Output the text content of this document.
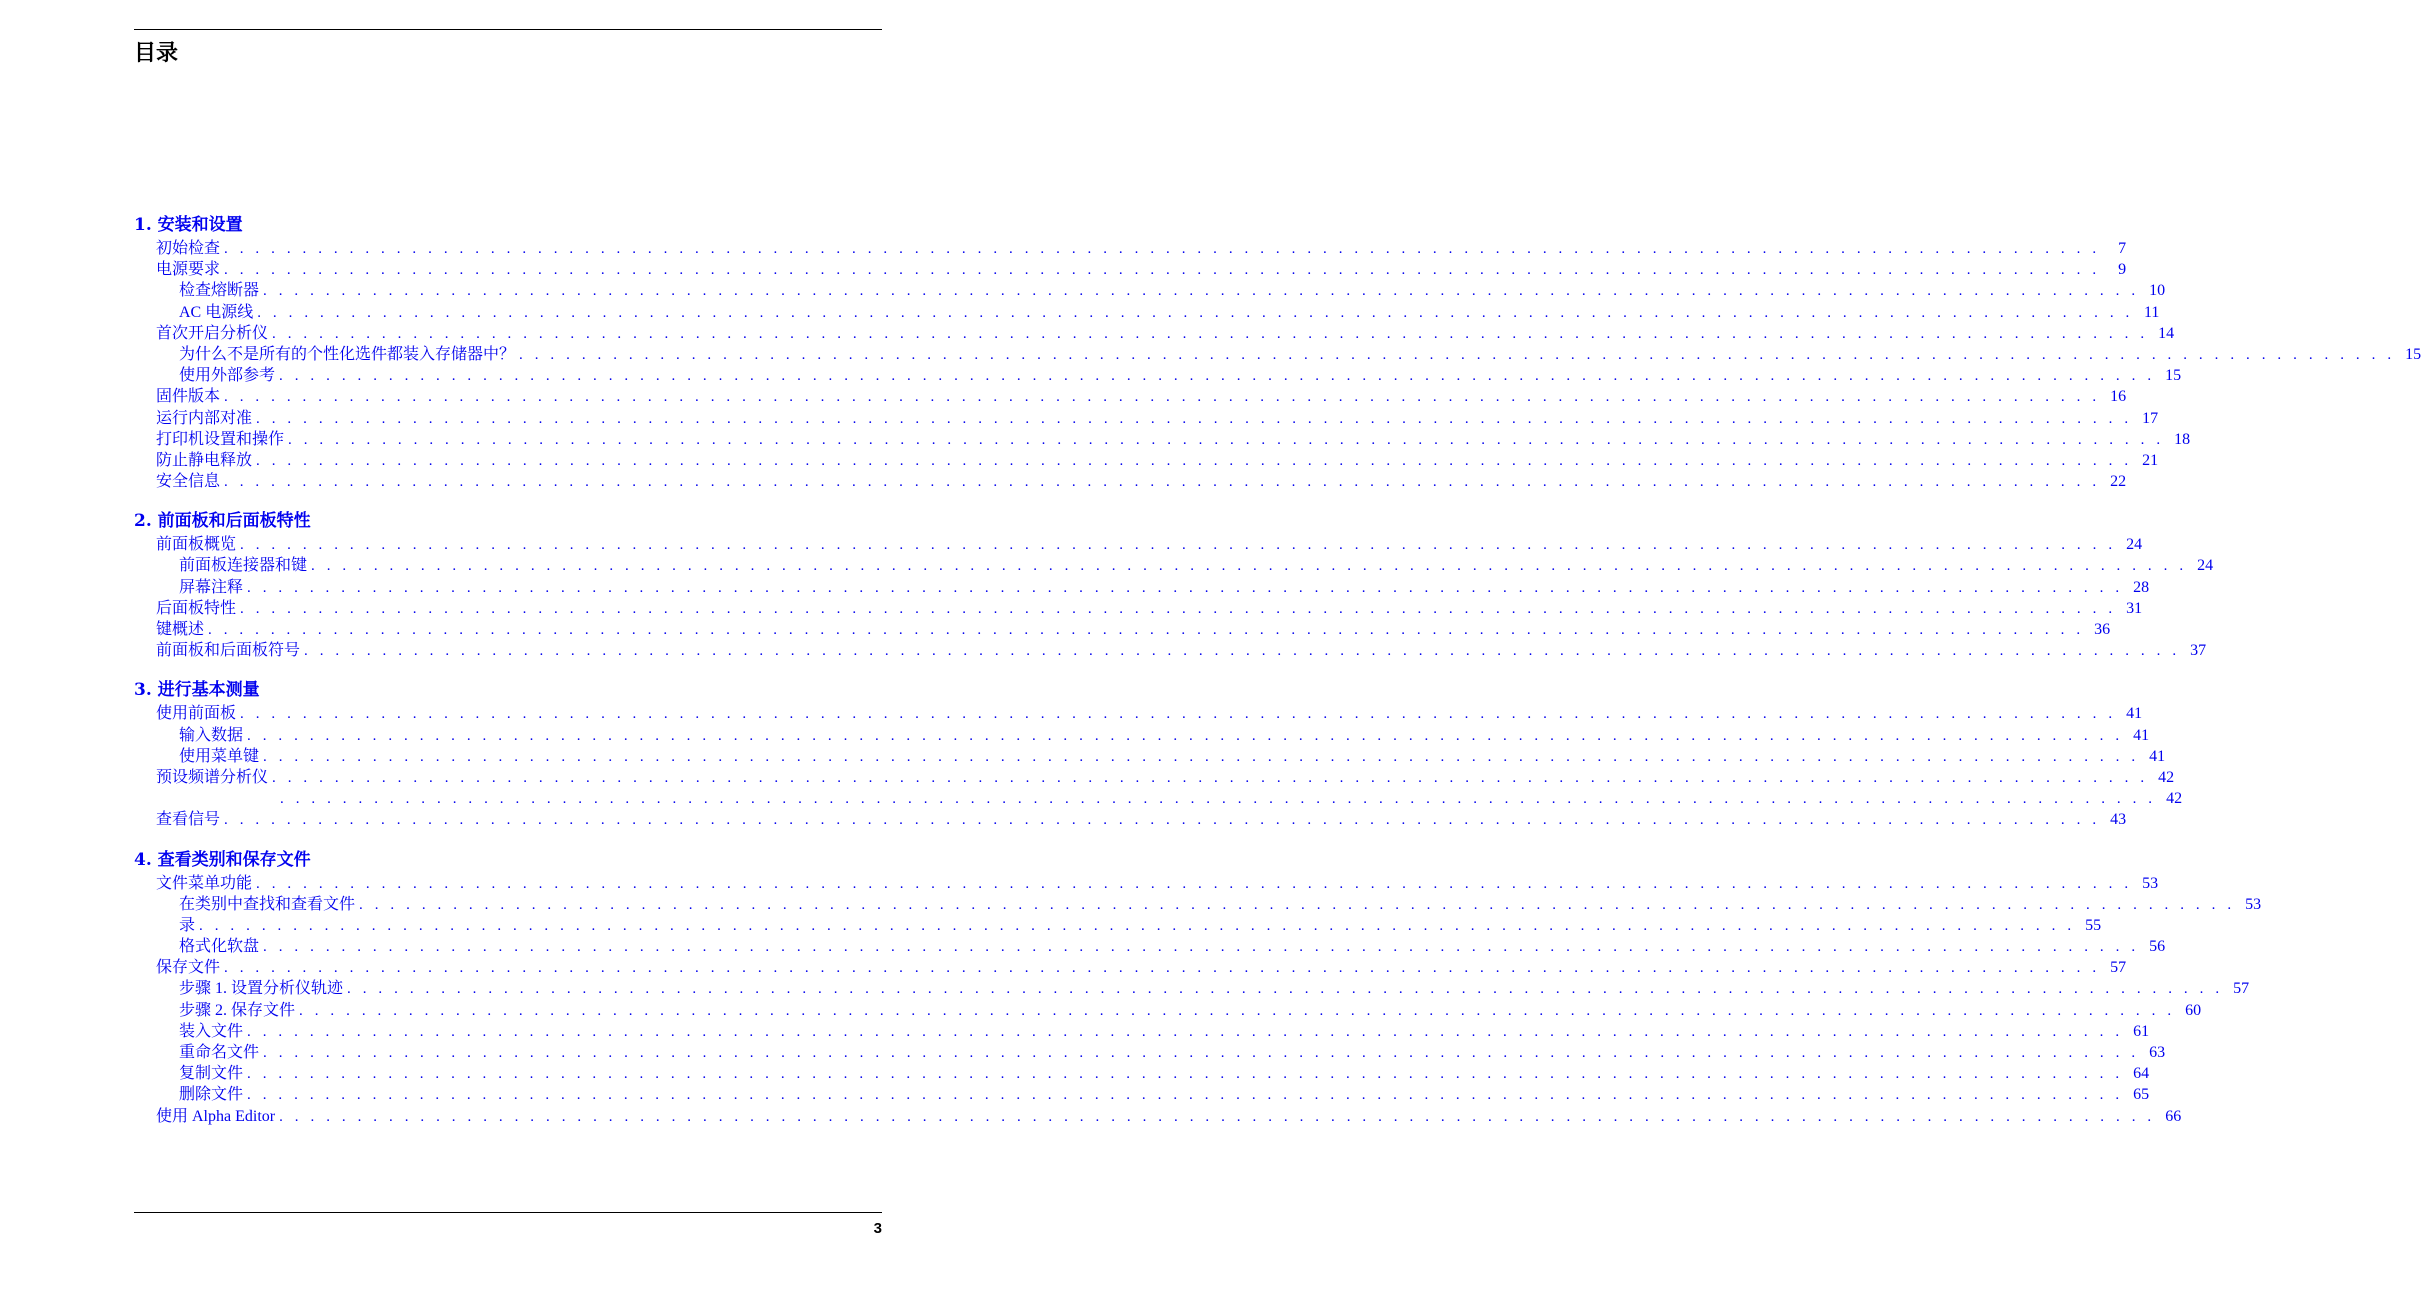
目录
1. 安装和设置
初始检查 . . . . . . . . . . . . . . . . . . . . . . . . . . . . . . . . . . . . . . . . . . . . . . . . . . . . . . . . . . . . . . . . . . . . . . . . . . . . . . . . . . . . . . . . . . . . . . . . . . . . . . . . . . . . . . . . . . . . . . . .	7
电源要求 . . . . . . . . . . . . . . . . . . . . . . . . . . . . . . . . . . . . . . . . . . . . . . . . . . . . . . . . . . . . . . . . . . . . . . . . . . . . . . . . . . . . . . . . . . . . . . . . . . . . . . . . . . . . . . . . . . . . . . . .	9
检查熔断器 . . . . . . . . . . . . . . . . . . . . . . . . . . . . . . . . . . . . . . . . . . . . . . . . . . . . . . . . . . . . . . . . . . . . . . . . . . . . . . . . . . . . . . . . . . . . . . . . . . . . . . . . . . . . . . . . . . . . . . . . 10
AC 电源线 . . . . . . . . . . . . . . . . . . . . . . . . . . . . . . . . . . . . . . . . . . . . . . . . . . . . . . . . . . . . . . . . . . . . . . . . . . . . . . . . . . . . . . . . . . . . . . . . . . . . . . . . . . . . . . . . . . . . . . . . 11
首次开启分析仪 . . . . . . . . . . . . . . . . . . . . . . . . . . . . . . . . . . . . . . . . . . . . . . . . . . . . . . . . . . . . . . . . . . . . . . . . . . . . . . . . . . . . . . . . . . . . . . . . . . . . . . . . . . . . . . . . . . . . . . . . 14
为什么不是所有的个性化选件都装入存储器中？ . . . . . . . . . . . . . . . . . . . . . . . . . . . . . . . . . . . . . . . . . . . . . . . . . . . . . . . . . . . . . . . . . . . . . . . . . . . . . . . . . . . . . . . . . . . . . . . . . . . . . . . . . . . . . . . . . . . . . . . . 15
使用外部参考 . . . . . . . . . . . . . . . . . . . . . . . . . . . . . . . . . . . . . . . . . . . . . . . . . . . . . . . . . . . . . . . . . . . . . . . . . . . . . . . . . . . . . . . . . . . . . . . . . . . . . . . . . . . . . . . . . . . . . . . . 15
固件版本 . . . . . . . . . . . . . . . . . . . . . . . . . . . . . . . . . . . . . . . . . . . . . . . . . . . . . . . . . . . . . . . . . . . . . . . . . . . . . . . . . . . . . . . . . . . . . . . . . . . . . . . . . . . . . . . . . . . . . . . . 16
运行内部对准 . . . . . . . . . . . . . . . . . . . . . . . . . . . . . . . . . . . . . . . . . . . . . . . . . . . . . . . . . . . . . . . . . . . . . . . . . . . . . . . . . . . . . . . . . . . . . . . . . . . . . . . . . . . . . . . . . . . . . . . . 17
打印机设置和操作 . . . . . . . . . . . . . . . . . . . . . . . . . . . . . . . . . . . . . . . . . . . . . . . . . . . . . . . . . . . . . . . . . . . . . . . . . . . . . . . . . . . . . . . . . . . . . . . . . . . . . . . . . . . . . . . . . . . . . . . . 18
防止静电释放 . . . . . . . . . . . . . . . . . . . . . . . . . . . . . . . . . . . . . . . . . . . . . . . . . . . . . . . . . . . . . . . . . . . . . . . . . . . . . . . . . . . . . . . . . . . . . . . . . . . . . . . . . . . . . . . . . . . . . . . . 21
安全信息 . . . . . . . . . . . . . . . . . . . . . . . . . . . . . . . . . . . . . . . . . . . . . . . . . . . . . . . . . . . . . . . . . . . . . . . . . . . . . . . . . . . . . . . . . . . . . . . . . . . . . . . . . . . . . . . . . . . . . . . . 22
2. 前面板和后面板特性
前面板概览 . . . . . . . . . . . . . . . . . . . . . . . . . . . . . . . . . . . . . . . . . . . . . . . . . . . . . . . . . . . . . . . . . . . . . . . . . . . . . . . . . . . . . . . . . . . . . . . . . . . . . . . . . . . . . . . . . . . . . . . . 24
前面板连接器和键 . . . . . . . . . . . . . . . . . . . . . . . . . . . . . . . . . . . . . . . . . . . . . . . . . . . . . . . . . . . . . . . . . . . . . . . . . . . . . . . . . . . . . . . . . . . . . . . . . . . . . . . . . . . . . . . . . . . . . . . . 24
屏幕注释 . . . . . . . . . . . . . . . . . . . . . . . . . . . . . . . . . . . . . . . . . . . . . . . . . . . . . . . . . . . . . . . . . . . . . . . . . . . . . . . . . . . . . . . . . . . . . . . . . . . . . . . . . . . . . . . . . . . . . . . . 28
后面板特性 . . . . . . . . . . . . . . . . . . . . . . . . . . . . . . . . . . . . . . . . . . . . . . . . . . . . . . . . . . . . . . . . . . . . . . . . . . . . . . . . . . . . . . . . . . . . . . . . . . . . . . . . . . . . . . . . . . . . . . . . 31
键概述 . . . . . . . . . . . . . . . . . . . . . . . . . . . . . . . . . . . . . . . . . . . . . . . . . . . . . . . . . . . . . . . . . . . . . . . . . . . . . . . . . . . . . . . . . . . . . . . . . . . . . . . . . . . . . . . . . . . . . . . . 36
前面板和后面板符号 . . . . . . . . . . . . . . . . . . . . . . . . . . . . . . . . . . . . . . . . . . . . . . . . . . . . . . . . . . . . . . . . . . . . . . . . . . . . . . . . . . . . . . . . . . . . . . . . . . . . . . . . . . . . . . . . . . . . . . . . 37
3. 进行基本测量
使用前面板 . . . . . . . . . . . . . . . . . . . . . . . . . . . . . . . . . . . . . . . . . . . . . . . . . . . . . . . . . . . . . . . . . . . . . . . . . . . . . . . . . . . . . . . . . . . . . . . . . . . . . . . . . . . . . . . . . . . . . . . . 41
输入数据 . . . . . . . . . . . . . . . . . . . . . . . . . . . . . . . . . . . . . . . . . . . . . . . . . . . . . . . . . . . . . . . . . . . . . . . . . . . . . . . . . . . . . . . . . . . . . . . . . . . . . . . . . . . . . . . . . . . . . . . . 41
使用菜单键 . . . . . . . . . . . . . . . . . . . . . . . . . . . . . . . . . . . . . . . . . . . . . . . . . . . . . . . . . . . . . . . . . . . . . . . . . . . . . . . . . . . . . . . . . . . . . . . . . . . . . . . . . . . . . . . . . . . . . . . . 41
预设频谱分析仪 . . . . . . . . . . . . . . . . . . . . . . . . . . . . . . . . . . . . . . . . . . . . . . . . . . . . . . . . . . . . . . . . . . . . . . . . . . . . . . . . . . . . . . . . . . . . . . . . . . . . . . . . . . . . . . . . . . . . . . . . 42
. . . . . . . . . . . . . . . . . . . . . . . . . . . . . . . . . . . . . . . . . . . . . . . . . . . . . . . . . . . . . . . . . . . . . . . . . . . . . . . . . . . . . . . . . . . . . . . . . . . . . . . . . . . . . . . . . . . . . . . . 42
查看信号 . . . . . . . . . . . . . . . . . . . . . . . . . . . . . . . . . . . . . . . . . . . . . . . . . . . . . . . . . . . . . . . . . . . . . . . . . . . . . . . . . . . . . . . . . . . . . . . . . . . . . . . . . . . . . . . . . . . . . . . . 43
4. 查看类别和保存文件
文件菜单功能 . . . . . . . . . . . . . . . . . . . . . . . . . . . . . . . . . . . . . . . . . . . . . . . . . . . . . . . . . . . . . . . . . . . . . . . . . . . . . . . . . . . . . . . . . . . . . . . . . . . . . . . . . . . . . . . . . . . . . . . . 53
在类别中查找和查看文件 . . . . . . . . . . . . . . . . . . . . . . . . . . . . . . . . . . . . . . . . . . . . . . . . . . . . . . . . . . . . . . . . . . . . . . . . . . . . . . . . . . . . . . . . . . . . . . . . . . . . . . . . . . . . . . . . . . . . . . . . 53
录 . . . . . . . . . . . . . . . . . . . . . . . . . . . . . . . . . . . . . . . . . . . . . . . . . . . . . . . . . . . . . . . . . . . . . . . . . . . . . . . . . . . . . . . . . . . . . . . . . . . . . . . . . . . . . . . . . . . . . . . . 55
格式化软盘 . . . . . . . . . . . . . . . . . . . . . . . . . . . . . . . . . . . . . . . . . . . . . . . . . . . . . . . . . . . . . . . . . . . . . . . . . . . . . . . . . . . . . . . . . . . . . . . . . . . . . . . . . . . . . . . . . . . . . . . . 56
保存文件 . . . . . . . . . . . . . . . . . . . . . . . . . . . . . . . . . . . . . . . . . . . . . . . . . . . . . . . . . . . . . . . . . . . . . . . . . . . . . . . . . . . . . . . . . . . . . . . . . . . . . . . . . . . . . . . . . . . . . . . . 57
步骤 1. 设置分析仪轨迹 . . . . . . . . . . . . . . . . . . . . . . . . . . . . . . . . . . . . . . . . . . . . . . . . . . . . . . . . . . . . . . . . . . . . . . . . . . . . . . . . . . . . . . . . . . . . . . . . . . . . . . . . . . . . . . . . . . . . . . . . 57
步骤 2. 保存文件 . . . . . . . . . . . . . . . . . . . . . . . . . . . . . . . . . . . . . . . . . . . . . . . . . . . . . . . . . . . . . . . . . . . . . . . . . . . . . . . . . . . . . . . . . . . . . . . . . . . . . . . . . . . . . . . . . . . . . . . . 60
装入文件 . . . . . . . . . . . . . . . . . . . . . . . . . . . . . . . . . . . . . . . . . . . . . . . . . . . . . . . . . . . . . . . . . . . . . . . . . . . . . . . . . . . . . . . . . . . . . . . . . . . . . . . . . . . . . . . . . . . . . . . . 61
重命名文件 . . . . . . . . . . . . . . . . . . . . . . . . . . . . . . . . . . . . . . . . . . . . . . . . . . . . . . . . . . . . . . . . . . . . . . . . . . . . . . . . . . . . . . . . . . . . . . . . . . . . . . . . . . . . . . . . . . . . . . . . 63
复制文件 . . . . . . . . . . . . . . . . . . . . . . . . . . . . . . . . . . . . . . . . . . . . . . . . . . . . . . . . . . . . . . . . . . . . . . . . . . . . . . . . . . . . . . . . . . . . . . . . . . . . . . . . . . . . . . . . . . . . . . . . 64
删除文件 . . . . . . . . . . . . . . . . . . . . . . . . . . . . . . . . . . . . . . . . . . . . . . . . . . . . . . . . . . . . . . . . . . . . . . . . . . . . . . . . . . . . . . . . . . . . . . . . . . . . . . . . . . . . . . . . . . . . . . . . 65
使用 Alpha Editor . . . . . . . . . . . . . . . . . . . . . . . . . . . . . . . . . . . . . . . . . . . . . . . . . . . . . . . . . . . . . . . . . . . . . . . . . . . . . . . . . . . . . . . . . . . . . . . . . . . . . . . . . . . . . . . . . . . . . . . . 66
3
